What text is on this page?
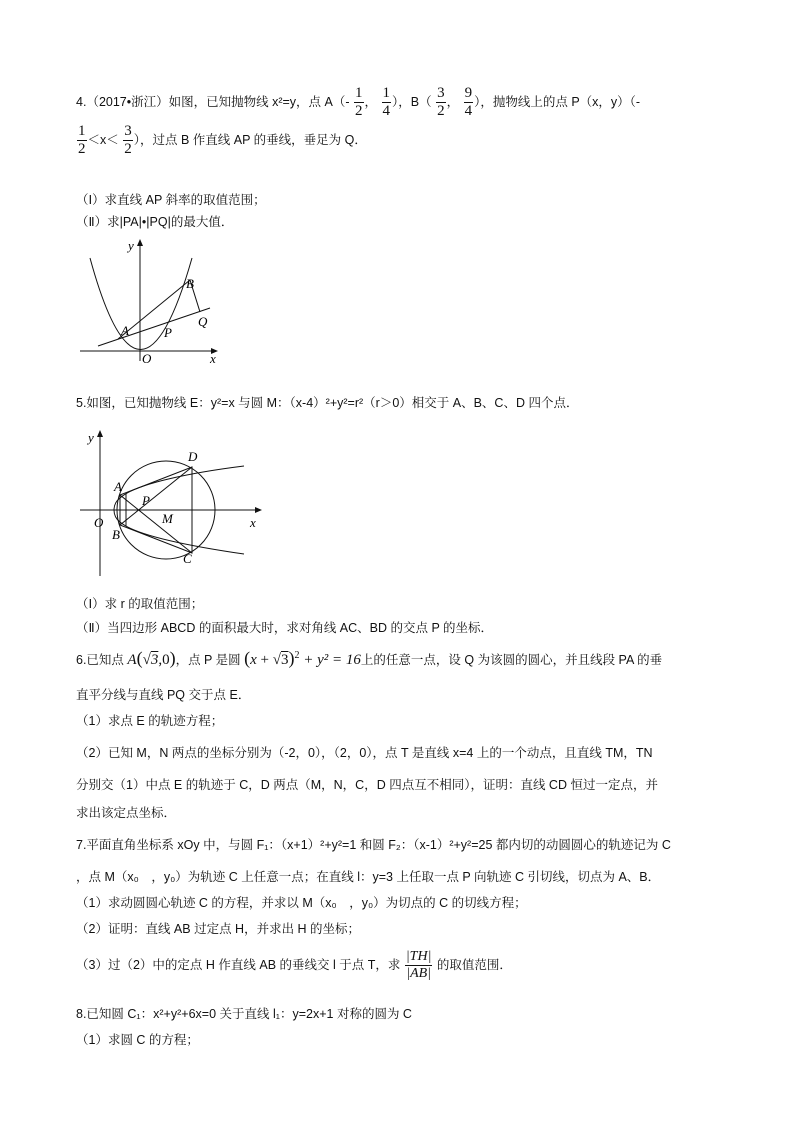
4.（2017•浙江）如图，已知抛物线 x²=y，点 $A(- \frac{1}{2}$ ， $\frac{1}{4}$ ），$B( \frac{3}{2}$ ， $\frac{9}{4}$ ），抛物线上的点 P（x，y）（-
$\frac{1}{2} <x< \frac{3}{2}$ ），过点 B 作直线 AP 的垂线，垂足为 Q．
（Ⅰ）求直线 AP 斜率的取值范围；
（Ⅱ）求|PA|•|PQ|的最大值．
y
x
O
A
B
P
Q
5.如图，已知抛物线 E：y²=x 与圆 M：（x-4）²+y²=r²（r＞0）相交于 A、B、C、D 四个点．
y
x
O
A
B
C
D
P
M
（Ⅰ）求 r 的取值范围；
（Ⅱ）当四边形 ABCD 的面积最大时，求对角线 AC、BD 的交点 P 的坐标．
6.已知点 A(√3,0)，点 P 是圆 $(x + √3)^2 + y^2 = 16$上的任意一点，设 Q 为该圆的圆心，并且线段 PA 的垂
直平分线与直线 PQ 交于点 E．
（1）求点 E 的轨迹方程；
（2）已知 M，N 两点的坐标分别为（-2，0），（2，0），点 T 是直线 x=4 上的一个动点，且直线 TM，TN
分别交（1）中点 E 的轨迹于 C，D 两点（M，N，C，D 四点互不相同），证明：直线 CD 恒过一定点，并
求出该定点坐标．
7.平面直角坐标系 xOy 中，与圆 F₁：（x+1）²+y²=1 和圆 F₂：（x-1）²+y²=25 都内切的动圆圆心的轨迹记为 C
，点 M（x₀　，y₀）为轨迹 C 上任意一点；在直线 l：y=3 上任取一点 P 向轨迹 C 引切线，切点为 A、B．
（1）求动圆圆心轨迹 C 的方程，并求以 M（x₀　，y₀）为切点的 C 的切线方程；
（2）证明：直线 AB 过定点 H，并求出 H 的坐标；
（3）过（2）中的定点 H 作直线 AB 的垂线交 l 于点 T，求 $\frac{|TH|}{|AB|}$ 的取值范围．
8.已知圆 C₁：x²+y²+6x=0 关于直线 l₁：y=2x+1 对称的圆为 C
（1）求圆 C 的方程；
